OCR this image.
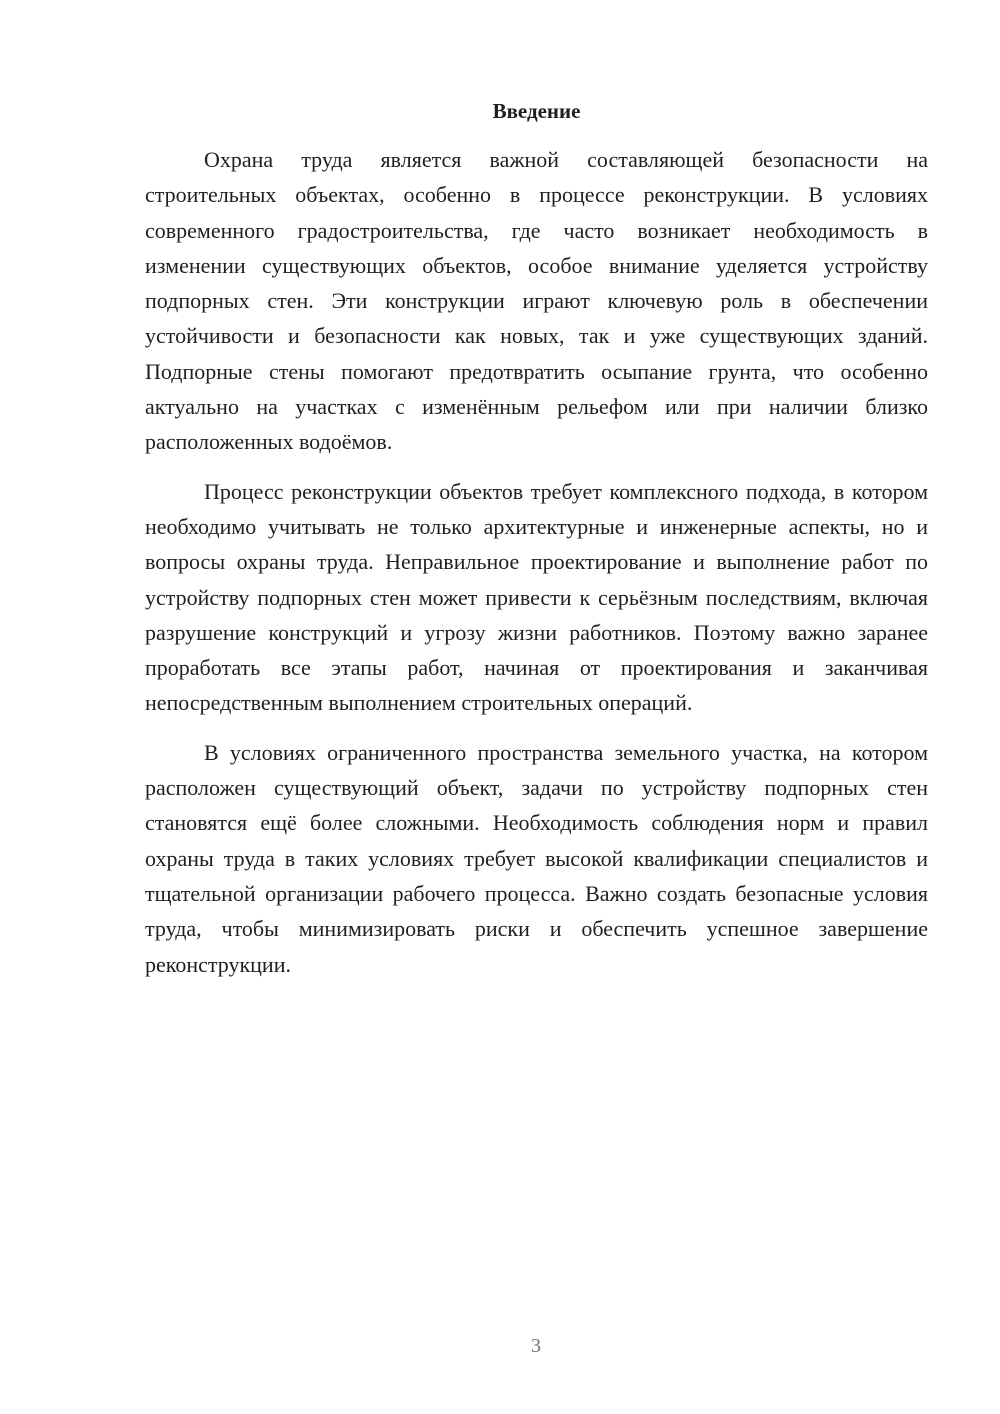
Введение

Охрана труда является важной составляющей безопасности на строительных объектах, особенно в процессе реконструкции. В условиях современного градостроительства, где часто возникает необходимость в изменении существующих объектов, особое внимание уделяется устройству подпорных стен. Эти конструкции играют ключевую роль в обеспечении устойчивости и безопасности как новых, так и уже существующих зданий. Подпорные стены помогают предотвратить осыпание грунта, что особенно актуально на участках с изменённым рельефом или при наличии близко расположенных водоёмов.

Процесс реконструкции объектов требует комплексного подхода, в котором необходимо учитывать не только архитектурные и инженерные аспекты, но и вопросы охраны труда. Неправильное проектирование и выполнение работ по устройству подпорных стен может привести к серьёзным последствиям, включая разрушение конструкций и угрозу жизни работников. Поэтому важно заранее проработать все этапы работ, начиная от проектирования и заканчивая непосредственным выполнением строительных операций.

В условиях ограниченного пространства земельного участка, на котором расположен существующий объект, задачи по устройству подпорных стен становятся ещё более сложными. Необходимость соблюдения норм и правил охраны труда в таких условиях требует высокой квалификации специалистов и тщательной организации рабочего процесса. Важно создать безопасные условия труда, чтобы минимизировать риски и обеспечить успешное завершение реконструкции.

3
